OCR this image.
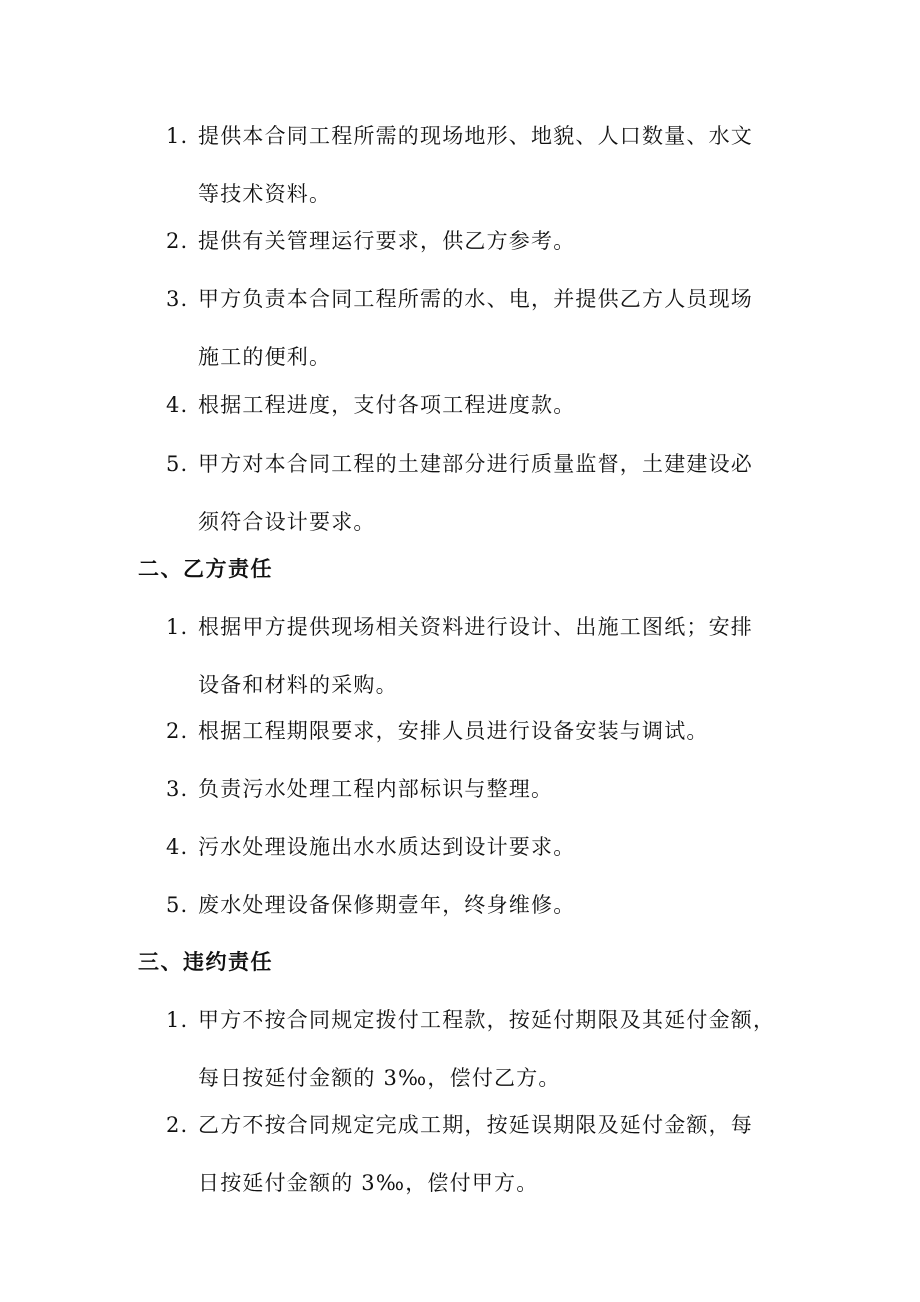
1. 提供本合同工程所需的现场地形、地貌、人口数量、水文
等技术资料。
2. 提供有关管理运行要求，供乙方参考。
3. 甲方负责本合同工程所需的水、电，并提供乙方人员现场
施工的便利。
4. 根据工程进度，支付各项工程进度款。
5. 甲方对本合同工程的土建部分进行质量监督，土建建设必
须符合设计要求。
二、乙方责任
1. 根据甲方提供现场相关资料进行设计、出施工图纸；安排
设备和材料的采购。
2. 根据工程期限要求，安排人员进行设备安装与调试。
3. 负责污水处理工程内部标识与整理。
4. 污水处理设施出水水质达到设计要求。
5. 废水处理设备保修期壹年，终身维修。
三、违约责任
1. 甲方不按合同规定拨付工程款，按延付期限及其延付金额，
每日按延付金额的 3‰，偿付乙方。
2. 乙方不按合同规定完成工期，按延误期限及延付金额，每
日按延付金额的 3‰，偿付甲方。
